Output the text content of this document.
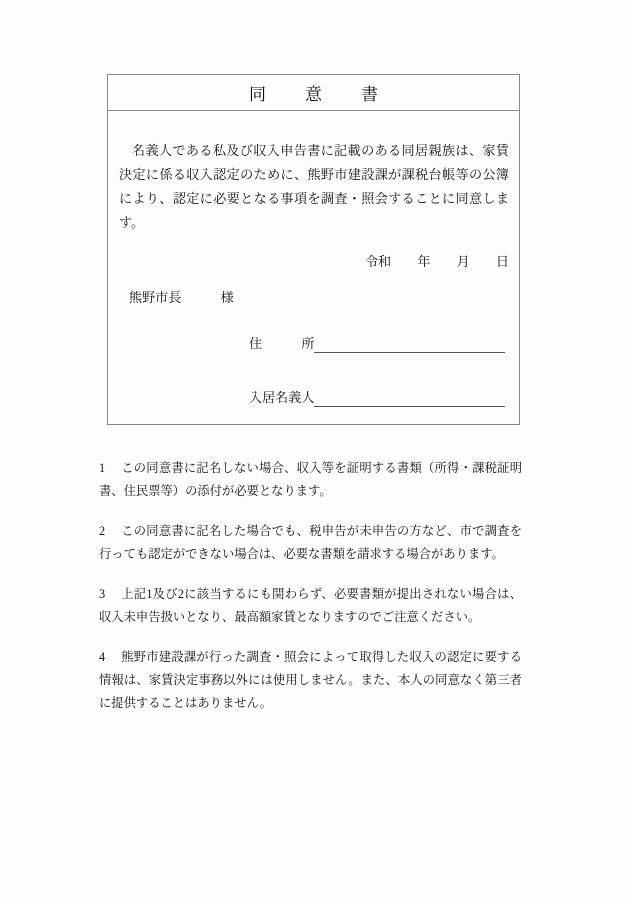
同　意　書

名義人である私及び収入申告書に記載のある同居親族は、家賃決定に係る収入認定のために、熊野市建設課が課税台帳等の公簿により、認定に必要となる事項を調査・照会することに同意します。

令和　　年　　月　　日
熊野市長　　　様
住　　　所
入居名義人

1 この同意書に記名しない場合、収入等を証明する書類（所得・課税証明書、住民票等）の添付が必要となります。

2 この同意書に記名した場合でも、税申告が未申告の方など、市で調査を行っても認定ができない場合は、必要な書類を請求する場合があります。

3 上記1及び2に該当するにも関わらず、必要書類が提出されない場合は、収入未申告扱いとなり、最高額家賃となりますのでご注意ください。

4 熊野市建設課が行った調査・照会によって取得した収入の認定に要する情報は、家賃決定事務以外には使用しません。また、本人の同意なく第三者に提供することはありません。
